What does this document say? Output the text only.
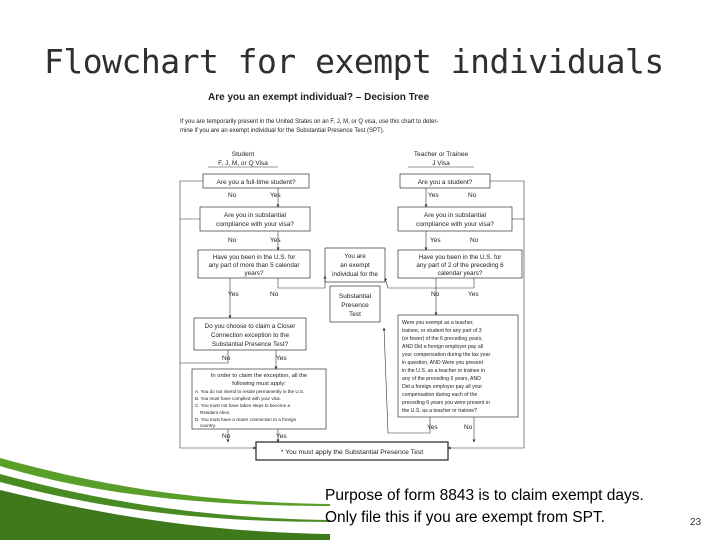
Flowchart for exempt individuals
Are you an exempt individual? – Decision Tree
If you are temporarily present in the United States on an F, J, M, or Q visa, use this chart to deter-
mine if you are an exempt individual for the Substantial Presence Test (SPT).
Student
F, J, M, or Q Visa
Teacher or Trainee
J Visa
Are you a full-time student?
No	Yes
Are you in substantial
compliance with your visa?
No	Yes
Have you been in the U.S. for
any part of more than 5 calendar
years?
Yes	No
You are
an exempt
individual for the
Substantial
Presence
Test
Are you a student?
Yes	No
Are you in substantial
compliance with your visa?
Yes	No
Have you been in the U.S. for
any part of 2 of the preceding 6
calendar years?
No	Yes
Do you choose to claim a Closer
Connection exception to the
Substantial Presence Test?
No	Yes
In order to claim the exception, all the
following must apply:
A. You do not intend to reside permanently in the U.S.
B. You must have complied with your visa.
C. You must not have taken steps to become a
Resident Alien.
D. You must have a closer connection to a foreign
country.
No	Yes
Were you exempt as a teacher,
trainee, or student for any part of 3
(or fewer) of the 6 preceding years,
AND Did a foreign employer pay all
your compensation during the tax year
in question, AND Were you present
in the U.S. as a teacher or trainee in
any of the preceding 6 years, AND
Did a foreign employer pay all your
compensation during each of the
preceding 6 years you were present in
the U.S. as a teacher or trainee?
Yes	No
* You must apply the Substantial Presence Test
Purpose of form 8843 is to claim exempt days.
Only file this if you are exempt from SPT.	23
